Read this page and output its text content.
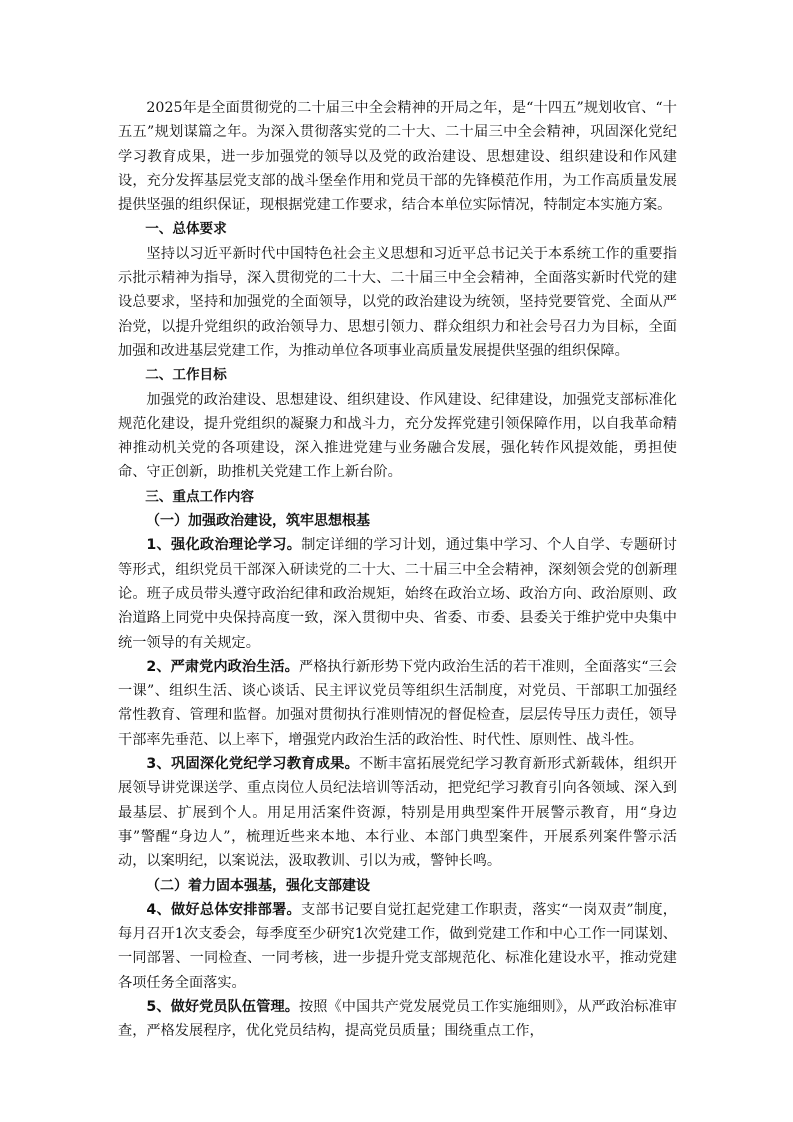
2025年是全面贯彻党的二十届三中全会精神的开局之年，是“十四五”规划收官、“十五五”规划谋篇之年。为深入贯彻落实党的二十大、二十届三中全会精神，巩固深化党纪学习教育成果，进一步加强党的领导以及党的政治建设、思想建设、组织建设和作风建设，充分发挥基层党支部的战斗堡垒作用和党员干部的先锋模范作用，为工作高质量发展提供坚强的组织保证，现根据党建工作要求，结合本单位实际情况，特制定本实施方案。

一、总体要求

坚持以习近平新时代中国特色社会主义思想和习近平总书记关于本系统工作的重要指示批示精神为指导，深入贯彻党的二十大、二十届三中全会精神，全面落实新时代党的建设总要求，坚持和加强党的全面领导，以党的政治建设为统领，坚持党要管党、全面从严治党，以提升党组织的政治领导力、思想引领力、群众组织力和社会号召力为目标，全面加强和改进基层党建工作，为推动单位各项事业高质量发展提供坚强的组织保障。

二、工作目标

加强党的政治建设、思想建设、组织建设、作风建设、纪律建设，加强党支部标准化规范化建设，提升党组织的凝聚力和战斗力，充分发挥党建引领保障作用，以自我革命精神推动机关党的各项建设，深入推进党建与业务融合发展，强化转作风提效能，勇担使命、守正创新，助推机关党建工作上新台阶。

三、重点工作内容

（一）加强政治建设，筑牢思想根基

1、强化政治理论学习。制定详细的学习计划，通过集中学习、个人自学、专题研讨等形式，组织党员干部深入研读党的二十大、二十届三中全会精神，深刻领会党的创新理论。班子成员带头遵守政治纪律和政治规矩，始终在政治立场、政治方向、政治原则、政治道路上同党中央保持高度一致，深入贯彻中央、省委、市委、县委关于维护党中央集中统一领导的有关规定。

2、严肃党内政治生活。严格执行新形势下党内政治生活的若干准则，全面落实“三会一课”、组织生活、谈心谈话、民主评议党员等组织生活制度，对党员、干部职工加强经常性教育、管理和监督。加强对贯彻执行准则情况的督促检查，层层传导压力责任，领导干部率先垂范、以上率下，增强党内政治生活的政治性、时代性、原则性、战斗性。

3、巩固深化党纪学习教育成果。不断丰富拓展党纪学习教育新形式新载体，组织开展领导讲党课送学、重点岗位人员纪法培训等活动，把党纪学习教育引向各领域、深入到最基层、扩展到个人。用足用活案件资源，特别是用典型案件开展警示教育，用“身边事”警醒“身边人”，梳理近些来本地、本行业、本部门典型案件，开展系列案件警示活动，以案明纪，以案说法，汲取教训、引以为戒，警钟长鸣。

（二）着力固本强基，强化支部建设

4、做好总体安排部署。支部书记要自觉扛起党建工作职责，落实“一岗双责”制度，每月召开1次支委会，每季度至少研究1次党建工作，做到党建工作和中心工作一同谋划、一同部署、一同检查、一同考核，进一步提升党支部规范化、标准化建设水平，推动党建各项任务全面落实。

5、做好党员队伍管理。按照《中国共产党发展党员工作实施细则》，从严政治标准审查，严格发展程序，优化党员结构，提高党员质量；围绕重点工作，
